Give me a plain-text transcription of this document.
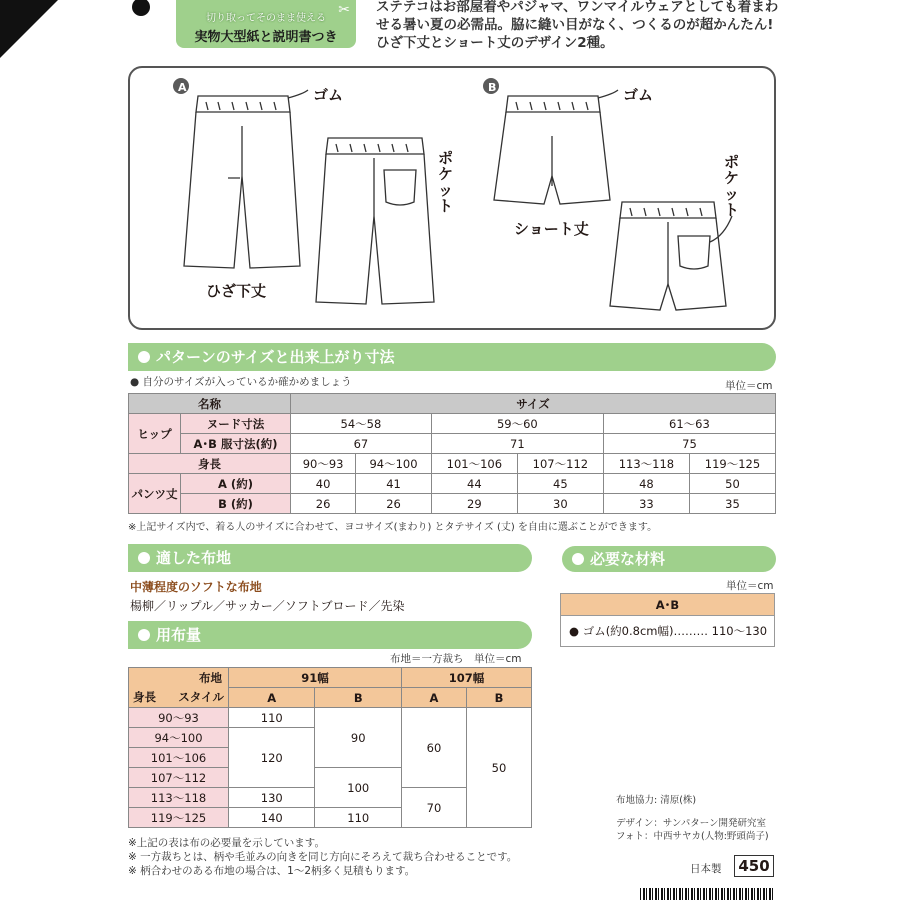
切り取ってそのまま使える
実物大型紙と説明書つき
✂ ステテコはお部屋着やパジャマ、ワンマイルウェアとしても着まわ
せる暑い夏の必需品。脇に縫い目がなく、つくるのが超かんたん!
ひざ下丈とショート丈のデザイン2種。
A	B
ゴム	ゴム
ポケット
ポケット
ひざ下丈
ショート丈
パターンのサイズと出来上がり寸法
● 自分のサイズが入っているか確かめましょう	単位＝cm
名称		サイズ					
ヒップ	ヌード寸法	54〜58		59〜60		61〜63	
	A･B 服寸法(約)	67		71		75	
身長		90〜93	94〜100	101〜106	107〜112	113〜118	119〜125
パンツ丈	A (約)	40	41	44	45	48	50
	B (約)	26	26	29	30	33	35
※上記サイズ内で、着る人のサイズに合わせて、ヨコサイズ(まわり) とタテサイズ (丈) を自由に選ぶことができます。
適した布地
中薄程度のソフトな布地
楊柳／リップル／サッカー／ソフトブロード／先染
必要な材料
単位＝cm
A･B
● ゴム(約0.8cm幅)……… 110〜130
用布量
布地＝一方裁ち　単位＝cm
布地	91幅		107幅	

身長 スタイル	A	B	A	B
90〜93	110	90	60	50
94〜100	120			
101〜106				
107〜112		100		
113〜118	130		70	
119〜125	140	110		
※上記の表は布の必要量を示しています。
※ 一方裁ちとは、柄や毛並みの向きを同じ方向にそろえて裁ち合わせることです。
※ 柄合わせのある布地の場合は、1〜2柄多く見積もります。
布地協力: 清原(株)
デザイン：サンパターン開発研究室
フォト：中西サヤカ(人物:野頭尚子)
日本製 450
